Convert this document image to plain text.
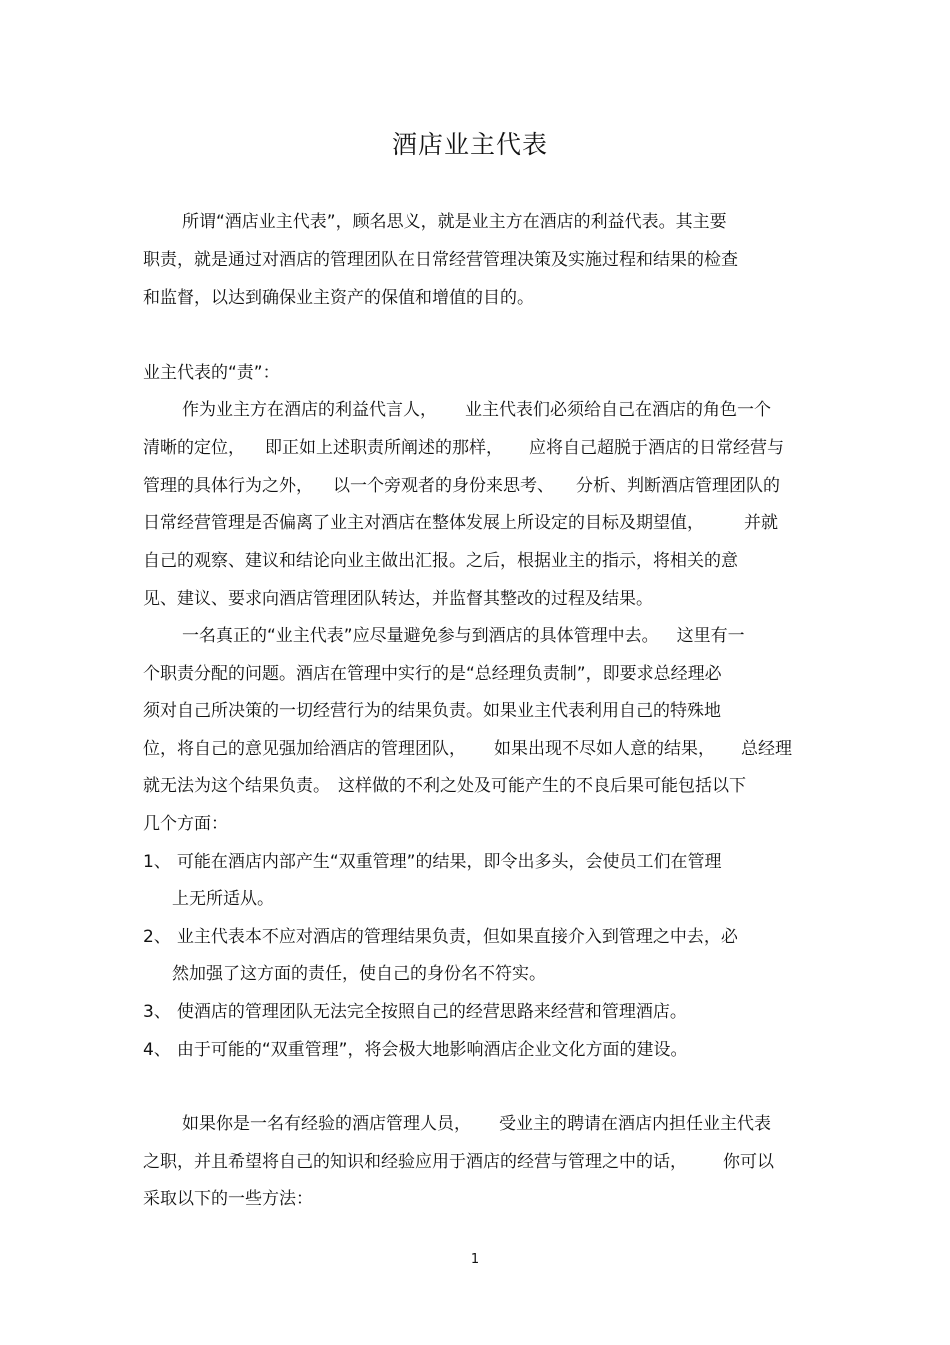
酒店业主代表
所谓“酒店业主代表”，顾名思义，就是业主方在酒店的利益代表。其主要
职责，就是通过对酒店的管理团队在日常经营管理决策及实施过程和结果的检查
和监督，以达到确保业主资产的保值和增值的目的。
业主代表的“责”：
作为业主方在酒店的利益代言人， 业主代表们必须给自己在酒店的角色一个
清晰的定位， 即正如上述职责所阐述的那样， 应将自己超脱于酒店的日常经营与
管理的具体行为之外， 以一个旁观者的身份来思考、 分析、判断酒店管理团队的
日常经营管理是否偏离了业主对酒店在整体发展上所设定的目标及期望值， 并就
自己的观察、建议和结论向业主做出汇报。之后，根据业主的指示，将相关的意
见、建议、要求向酒店管理团队转达，并监督其整改的过程及结果。
一名真正的“业主代表”应尽量避免参与到酒店的具体管理中去。 这里有一
个职责分配的问题。酒店在管理中实行的是“总经理负责制”，即要求总经理必
须对自己所决策的一切经营行为的结果负责。如果业主代表利用自己的特殊地
位，将自己的意见强加给酒店的管理团队， 如果出现不尽如人意的结果， 总经理
就无法为这个结果负责。 这样做的不利之处及可能产生的不良后果可能包括以下
几个方面：
1、 可能在酒店内部产生“双重管理”的结果，即令出多头，会使员工们在管理
上无所适从。
2、 业主代表本不应对酒店的管理结果负责，但如果直接介入到管理之中去，必
然加强了这方面的责任，使自己的身份名不符实。
3、 使酒店的管理团队无法完全按照自己的经营思路来经营和管理酒店。
4、 由于可能的“双重管理”，将会极大地影响酒店企业文化方面的建设。
如果你是一名有经验的酒店管理人员， 受业主的聘请在酒店内担任业主代表
之职，并且希望将自己的知识和经验应用于酒店的经营与管理之中的话， 你可以
采取以下的一些方法：
1
